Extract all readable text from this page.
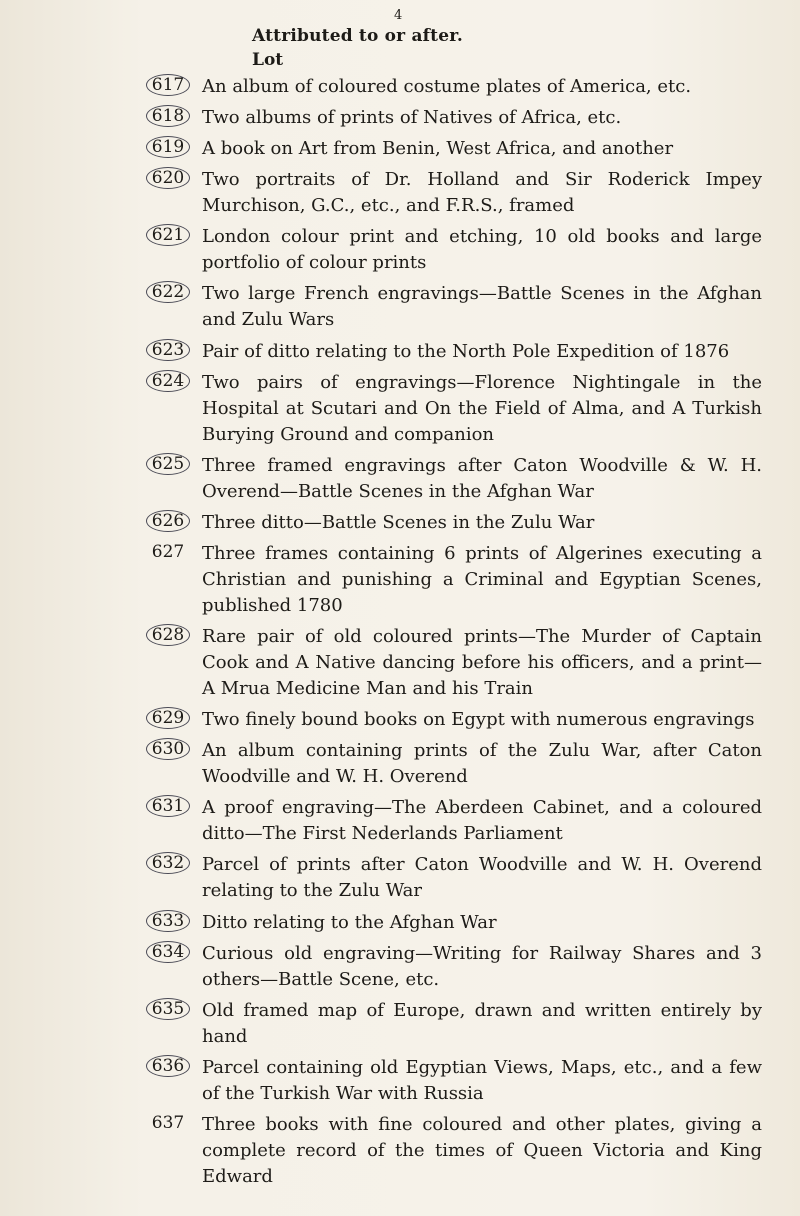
4
Attributed to or after.
Lot
617 An album of coloured costume plates of America, etc.
618 Two albums of prints of Natives of Africa, etc.
619 A book on Art from Benin, West Africa, and another
620 Two portraits of Dr. Holland and Sir Roderick Impey Murchison, G.C., etc., and F.R.S., framed
621 London colour print and etching, 10 old books and large portfolio of colour prints
622 Two large French engravings—Battle Scenes in the Afghan and Zulu Wars
623 Pair of ditto relating to the North Pole Expedition of 1876
624 Two pairs of engravings—Florence Nightingale in the Hospital at Scutari and On the Field of Alma, and A Turkish Burying Ground and companion
625 Three framed engravings after Caton Woodville & W. H. Overend—Battle Scenes in the Afghan War
626 Three ditto—Battle Scenes in the Zulu War
627 Three frames containing 6 prints of Algerines executing a Christian and punishing a Criminal and Egyptian Scenes, published 1780
628 Rare pair of old coloured prints—The Murder of Captain Cook and A Native dancing before his officers, and a print—A Mrua Medicine Man and his Train
629 Two finely bound books on Egypt with numerous engravings
630 An album containing prints of the Zulu War, after Caton Woodville and W. H. Overend
631 A proof engraving—The Aberdeen Cabinet, and a coloured ditto—The First Nederlands Parliament
632 Parcel of prints after Caton Woodville and W. H. Overend relating to the Zulu War
633 Ditto relating to the Afghan War
634 Curious old engraving—Writing for Railway Shares and 3 others—Battle Scene, etc.
635 Old framed map of Europe, drawn and written entirely by hand
636 Parcel containing old Egyptian Views, Maps, etc., and a few of the Turkish War with Russia
637 Three books with fine coloured and other plates, giving a complete record of the times of Queen Victoria and King Edward
